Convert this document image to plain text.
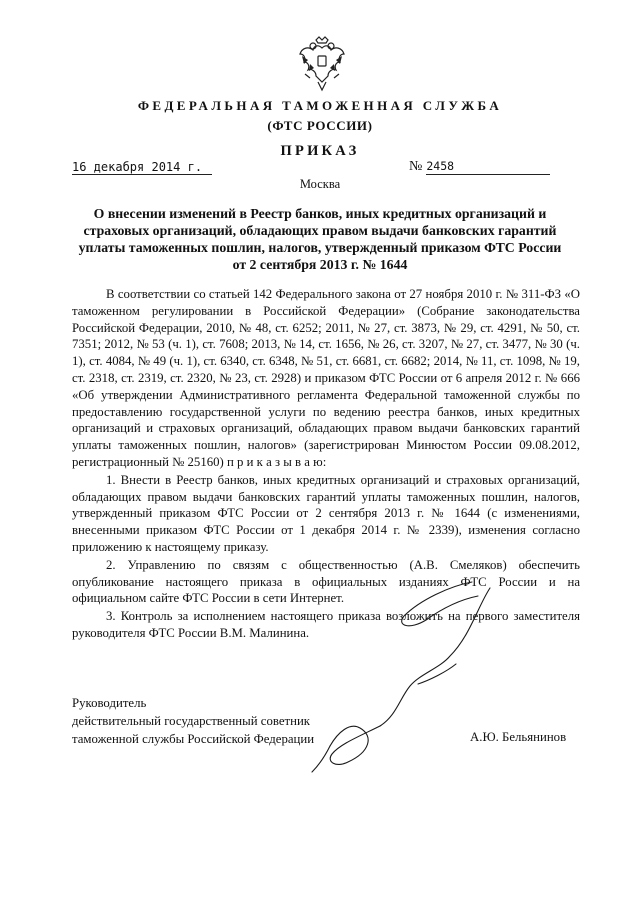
ФЕДЕРАЛЬНАЯ ТАМОЖЕННАЯ СЛУЖБА
(ФТС РОССИИ)
ПРИКАЗ
16 декабря 2014 г.	№ 2458
Москва
О внесении изменений в Реестр банков, иных кредитных организаций и
страховых организаций, обладающих правом выдачи банковских гарантий
уплаты таможенных пошлин, налогов, утвержденный приказом ФТС России
от 2 сентября 2013 г. № 1644

В соответствии со статьей 142 Федерального закона от 27 ноября 2010 г. № 311-ФЗ «О таможенном регулировании в Российской Федерации» (Собрание законодательства Российской Федерации, 2010, № 48, ст. 6252; 2011, № 27, ст. 3873, № 29, ст. 4291, № 50, ст. 7351; 2012, № 53 (ч. 1), ст. 7608; 2013, № 14, ст. 1656, № 26, ст. 3207, № 27, ст. 3477, № 30 (ч. 1), ст. 4084, № 49 (ч. 1), ст. 6340, ст. 6348, № 51, ст. 6681, ст. 6682; 2014, № 11, ст. 1098, № 19, ст. 2318, ст. 2319, ст. 2320, № 23, ст. 2928) и приказом ФТС России от 6 апреля 2012 г. № 666 «Об утверждении Административного регламента Федеральной таможенной службы по предоставлению государственной услуги по ведению реестра банков, иных кредитных организаций и страховых организаций, обладающих правом выдачи банковских гарантий уплаты таможенных пошлин, налогов» (зарегистрирован Минюстом России 09.08.2012, регистрационный № 25160) п р и к а з ы в а ю:

1. Внести в Реестр банков, иных кредитных организаций и страховых организаций, обладающих правом выдачи банковских гарантий уплаты таможенных пошлин, налогов, утвержденный приказом ФТС России от 2 сентября 2013 г. № 1644 (с изменениями, внесенными приказом ФТС России от 1 декабря 2014 г. № 2339), изменения согласно приложению к настоящему приказу.

2. Управлению по связям с общественностью (А.В. Смеляков) обеспечить опубликование настоящего приказа в официальных изданиях ФТС России и на официальном сайте ФТС России в сети Интернет.

3. Контроль за исполнением настоящего приказа возложить на первого заместителя руководителя ФТС России В.М. Малинина.

Руководитель
действительный государственный советник
таможенной службы Российской Федерации	А.Ю. Бельянинов
